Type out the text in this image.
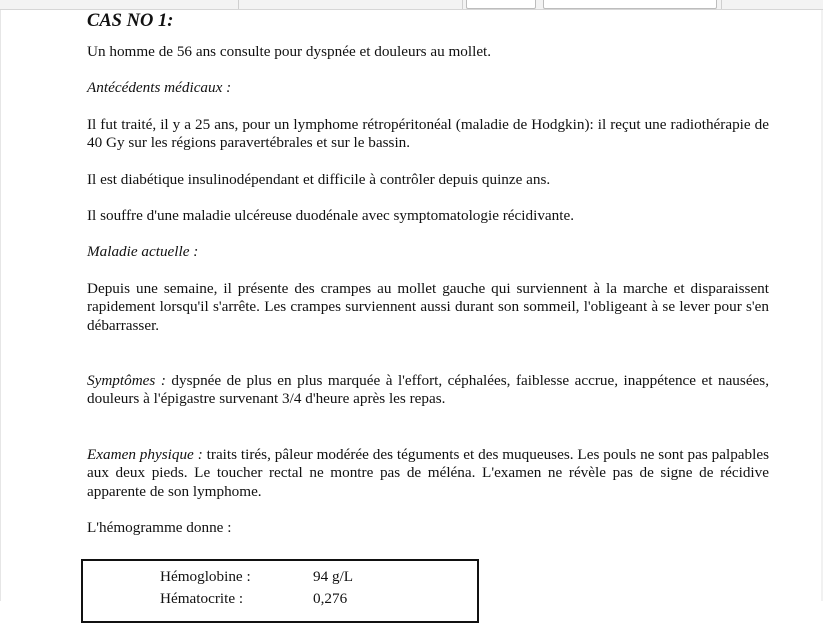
CAS NO 1:

Un homme de 56 ans consulte pour dyspnée et douleurs au mollet.

Antécédents médicaux :

Il fut traité, il y a 25 ans, pour un lymphome rétropéritonéal (maladie de Hodgkin): il reçut une radiothérapie de 40 Gy sur les régions paravertébrales et sur le bassin.

Il est diabétique insulinodépendant et difficile à contrôler depuis quinze ans.

Il souffre d'une maladie ulcéreuse duodénale avec symptomatologie récidivante.

Maladie actuelle :

Depuis une semaine, il présente des crampes au mollet gauche qui surviennent à la marche et disparaissent rapidement lorsqu'il s'arrête. Les crampes surviennent aussi durant son sommeil, l'obligeant à se lever pour s'en débarrasser.

Symptômes : dyspnée de plus en plus marquée à l'effort, céphalées, faiblesse accrue, inappétence et nausées, douleurs à l'épigastre survenant 3/4 d'heure après les repas.

Examen physique : traits tirés, pâleur modérée des téguments et des muqueuses. Les pouls ne sont pas palpables aux deux pieds. Le toucher rectal ne montre pas de méléna. L'examen ne révèle pas de signe de récidive apparente de son lymphome.

L'hémogramme donne :

Hémoglobine :	94 g/L
Hématocrite :	0,276
